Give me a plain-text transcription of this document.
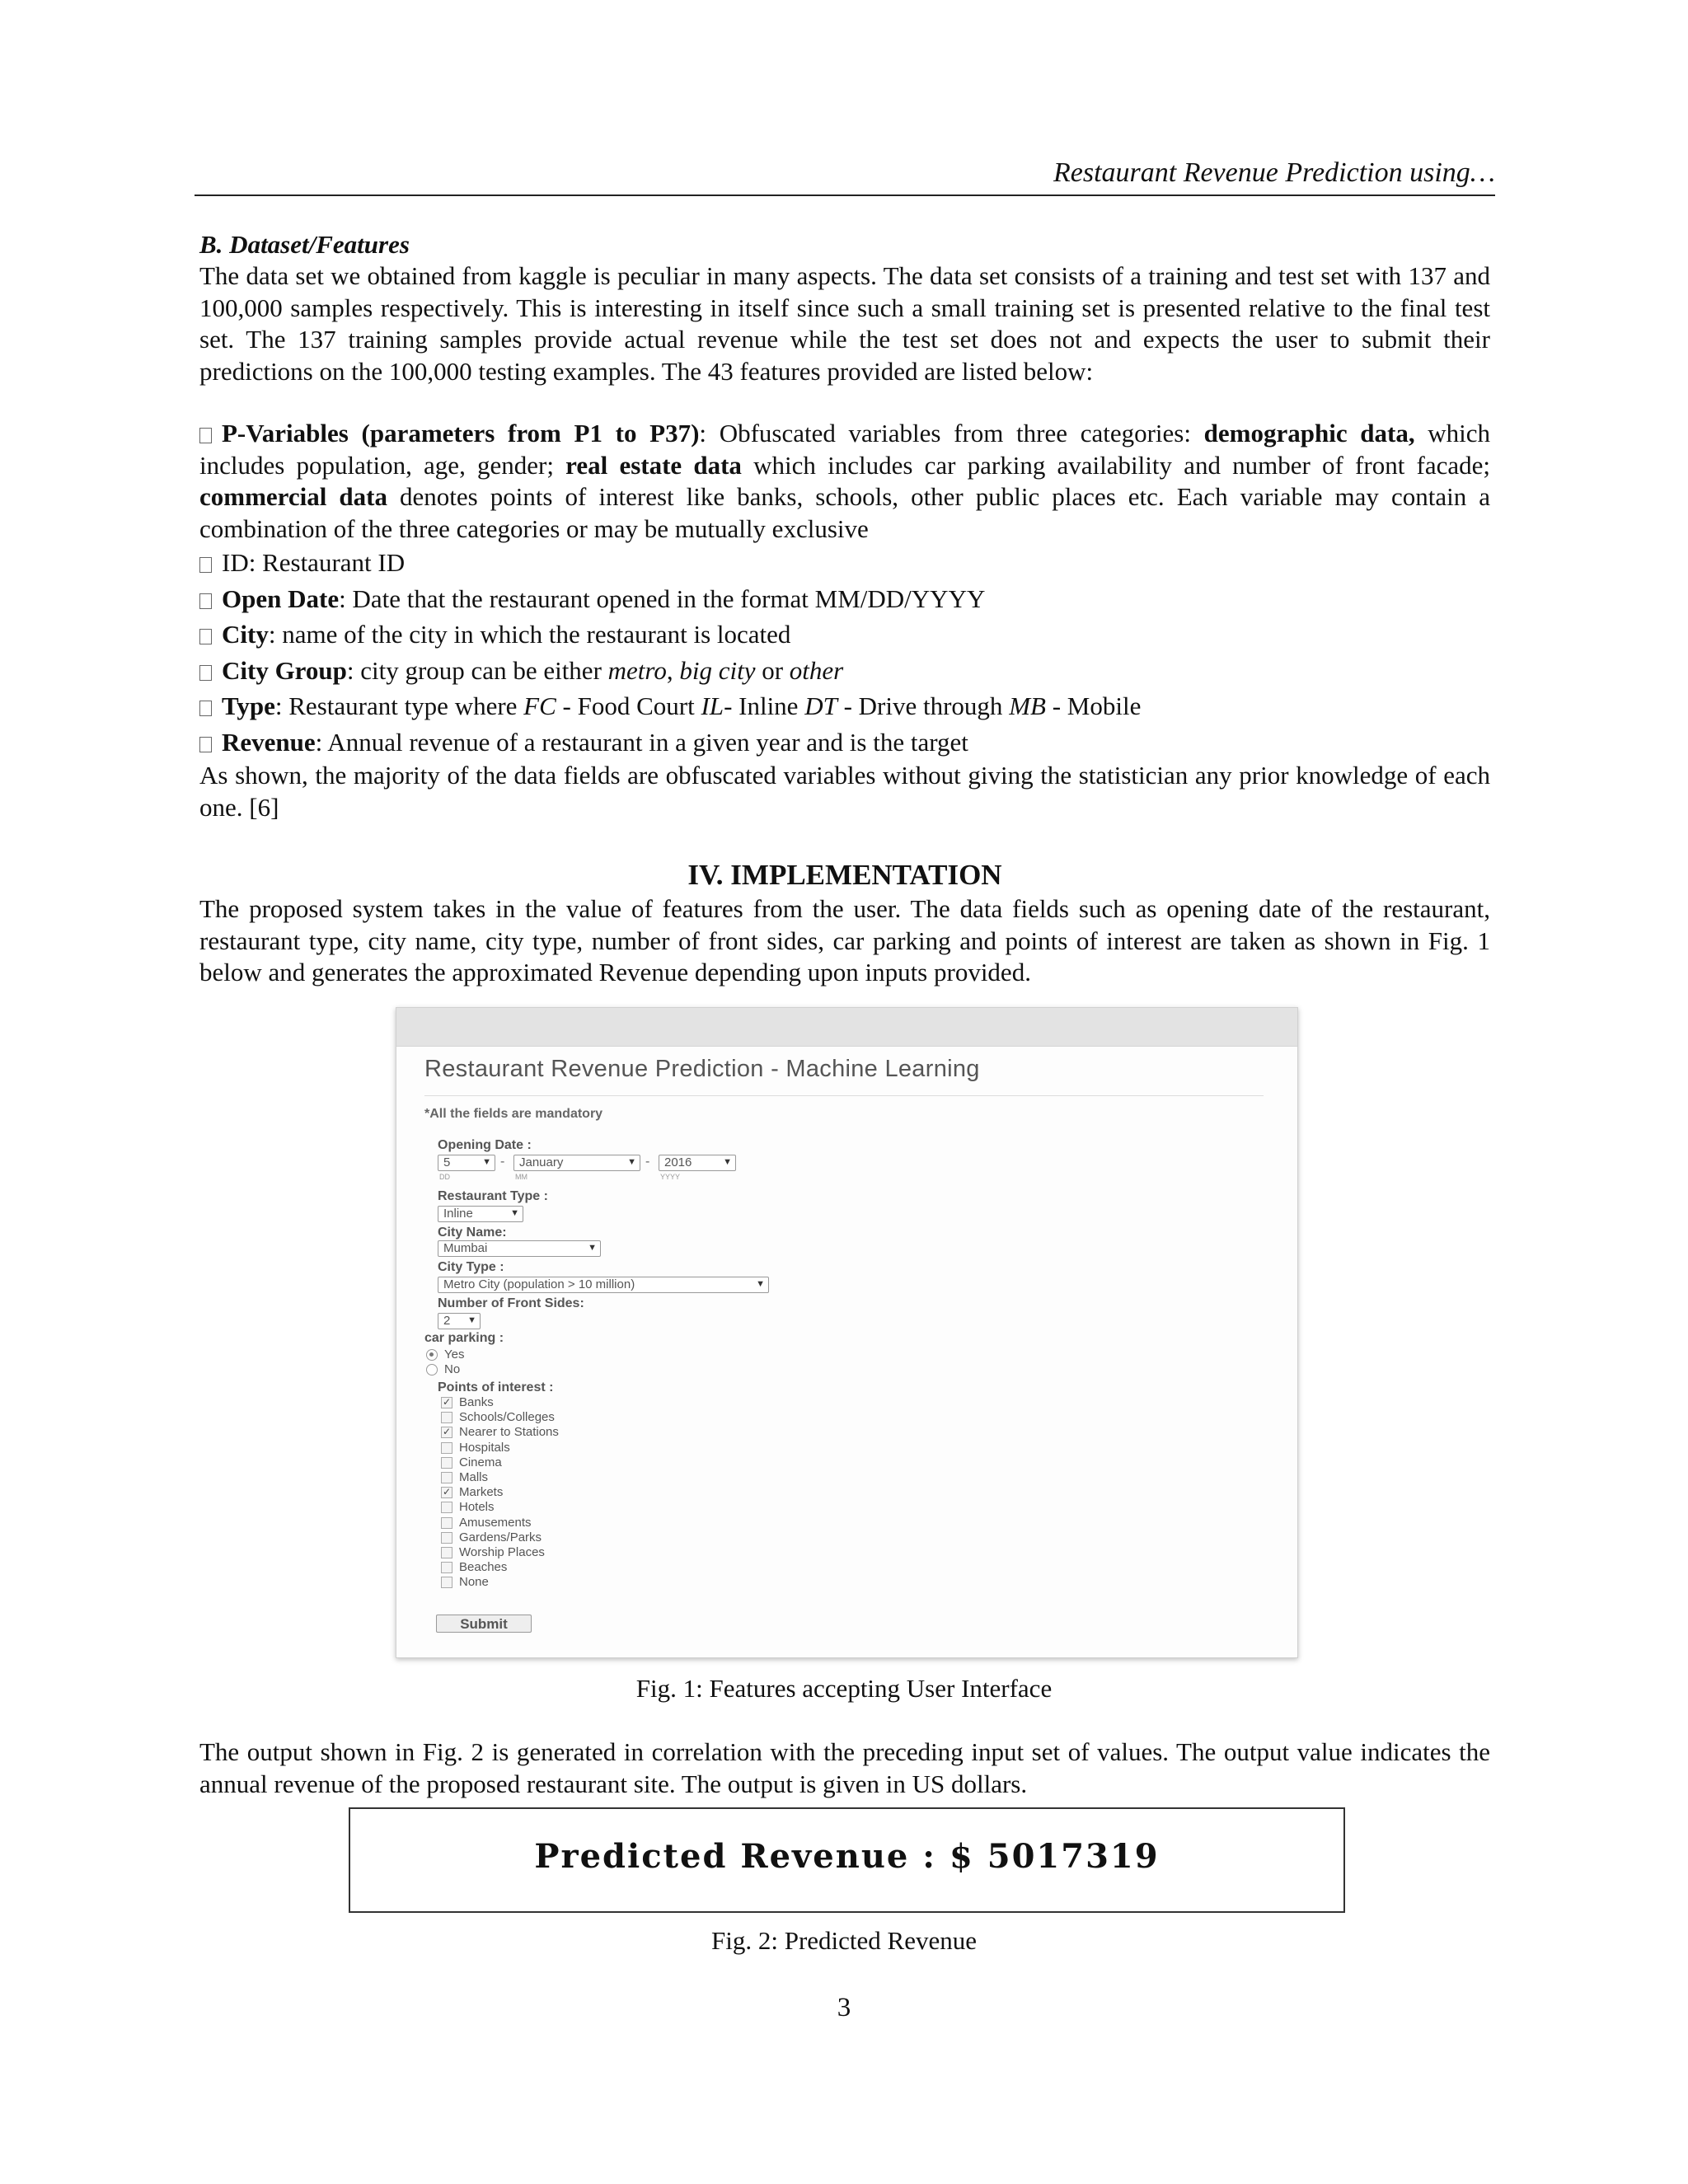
Restaurant Revenue Prediction using…

B. Dataset/Features

The data set we obtained from kaggle is peculiar in many aspects. The data set consists of a training and test set with 137 and 100,000 samples respectively. This is interesting in itself since such a small training set is presented relative to the final test set. The 137 training samples provide actual revenue while the test set does not and expects the user to submit their predictions on the 100,000 testing examples. The 43 features provided are listed below:

P-Variables (parameters from P1 to P37): Obfuscated variables from three categories: demographic data, which includes population, age, gender; real estate data which includes car parking availability and number of front facade; commercial data denotes points of interest like banks, schools, other public places etc. Each variable may contain a combination of the three categories or may be mutually exclusive

ID: Restaurant ID

Open Date: Date that the restaurant opened in the format MM/DD/YYYY

City: name of the city in which the restaurant is located

City Group: city group can be either metro, big city or other

Type: Restaurant type where FC - Food Court IL- Inline DT - Drive through MB - Mobile

Revenue: Annual revenue of a restaurant in a given year and is the target

As shown, the majority of the data fields are obfuscated variables without giving the statistician any prior knowledge of each one. [6]

IV. IMPLEMENTATION

The proposed system takes in the value of features from the user. The data fields such as opening date of the restaurant, restaurant type, city name, city type, number of front sides, car parking and points of interest are taken as shown in Fig. 1 below and generates the approximated Revenue depending upon inputs provided.

Restaurant Revenue Prediction - Machine Learning
*All the fields are mandatory
Opening Date :
5	▼ -	January	▼ -	2016	▼
DD	MM	YYYY
Restaurant Type :
Inline	▼
City Name:
Mumbai	▼
City Type :
Metro City (population > 10 million)	▼
Number of Front Sides:
2 ▼
car parking :
Yes
No
Points of interest :
✓ Banks
Schools/Colleges
✓ Nearer to Stations
Hospitals
Cinema
Malls
✓ Markets
Hotels
Amusements
Gardens/Parks
Worship Places
Beaches
None
Submit
Fig. 1: Features accepting User Interface

The output shown in Fig. 2 is generated in correlation with the preceding input set of values. The output value indicates the annual revenue of the proposed restaurant site. The output is given in US dollars.

Predicted Revenue : $ 5017319
Fig. 2: Predicted Revenue
3
